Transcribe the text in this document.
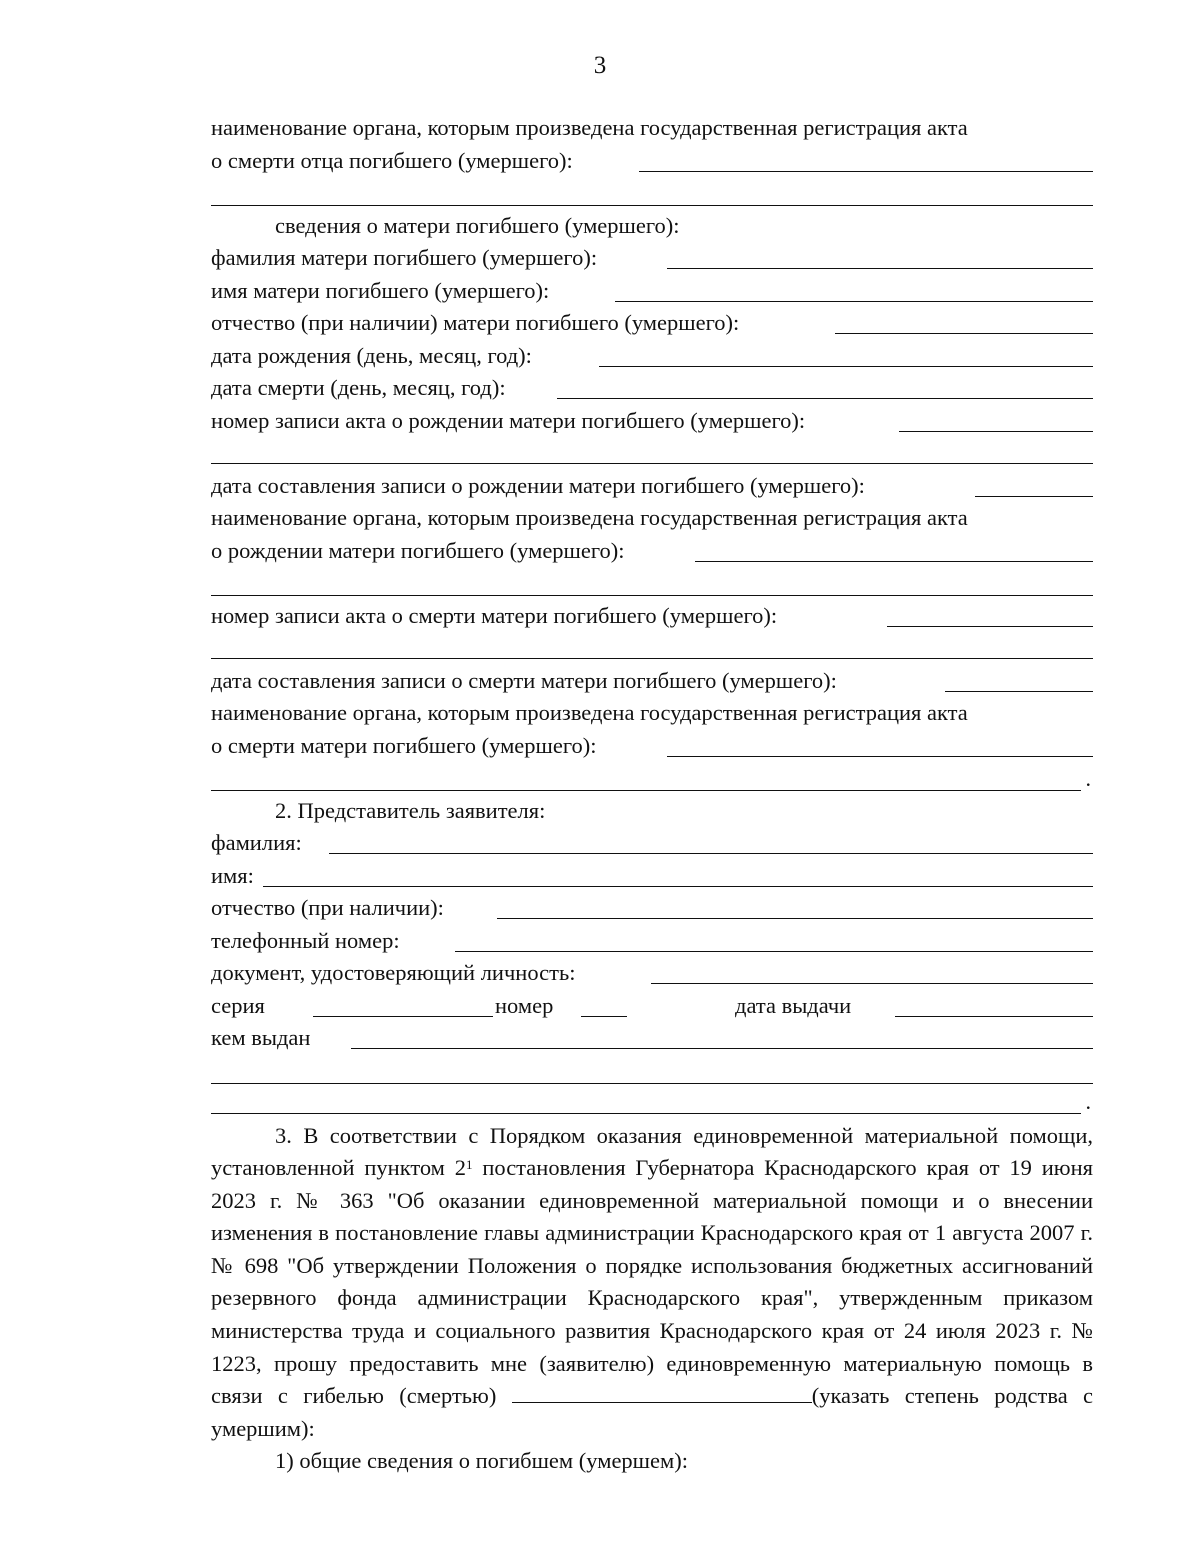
3
наименование органа, которым произведена государственная регистрация акта
о смерти отца погибшего (умершего):
сведения о матери погибшего (умершего):
фамилия матери погибшего (умершего):
имя матери погибшего (умершего):
отчество (при наличии) матери погибшего (умершего):
дата рождения (день, месяц, год):
дата смерти (день, месяц, год):
номер записи акта о рождении матери погибшего (умершего):
дата составления записи о рождении матери погибшего (умершего):
наименование органа, которым произведена государственная регистрация акта
о рождении матери погибшего (умершего):
номер записи акта о смерти матери погибшего (умершего):
дата составления записи о смерти матери погибшего (умершего):
наименование органа, которым произведена государственная регистрация акта
о смерти матери погибшего (умершего):
.
2. Представитель заявителя:
фамилия:
имя:
отчество (при наличии):
телефонный номер:
документ, удостоверяющий личность:
серия	номер	дата выдачи
кем выдан
.
3. В соответствии с Порядком оказания единовременной материальной помощи, установленной пунктом $2^1$ постановления Губернатора Краснодарского края от 19 июня 2023 г. № 363 "Об оказании единовременной материальной помощи и о внесении изменения в постановление главы администрации Краснодарского края от 1 августа 2007 г. № 698 "Об утверждении Положения о порядке использования бюджетных ассигнований резервного фонда администрации Краснодарского края", утвержденным приказом министерства труда и социального развития Краснодарского края от 24 июля 2023 г. № 1223, прошу предоставить мне (заявителю) единовременную материальную помощь в связи с гибелью (смертью)	(указать степень родства с умершим):
1) общие сведения о погибшем (умершем):
